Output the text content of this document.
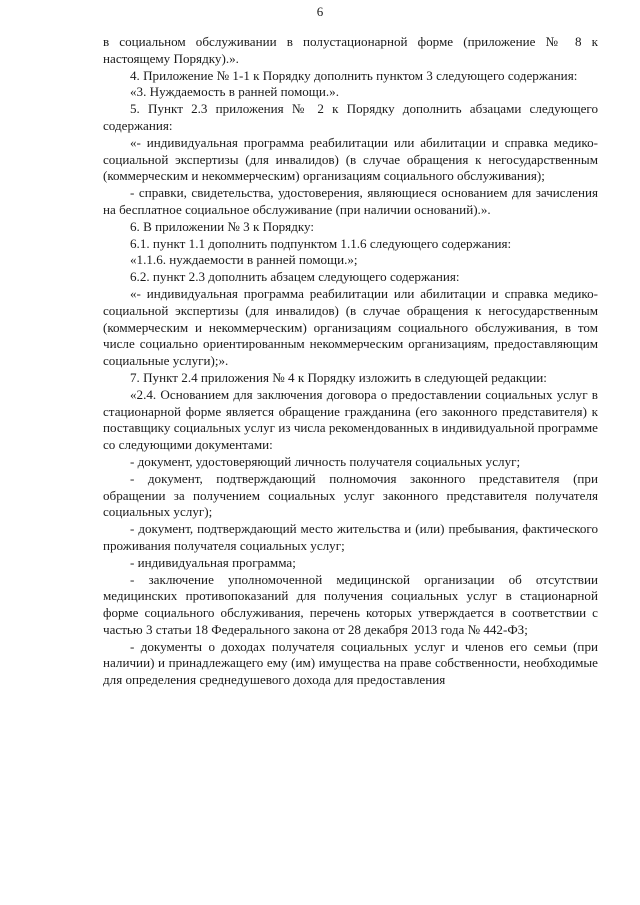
6

в социальном обслуживании в полустационарной форме (приложение № 8 к настоящему Порядку).».

4. Приложение № 1-1 к Порядку дополнить пунктом 3 следующего содержания:

«3. Нуждаемость в ранней помощи.».

5. Пункт 2.3 приложения № 2 к Порядку дополнить абзацами следующего содержания:

«- индивидуальная программа реабилитации или абилитации и справка медико-социальной экспертизы (для инвалидов) (в случае обращения к негосударственным (коммерческим и некоммерческим) организациям социального обслуживания);

- справки, свидетельства, удостоверения, являющиеся основанием для зачисления на бесплатное социальное обслуживание (при наличии оснований).».

6. В приложении № 3 к Порядку:

6.1. пункт 1.1 дополнить подпунктом 1.1.6 следующего содержания:

«1.1.6. нуждаемости в ранней помощи.»;

6.2. пункт 2.3 дополнить абзацем следующего содержания:

«- индивидуальная программа реабилитации или абилитации и справка медико-социальной экспертизы (для инвалидов) (в случае обращения к негосударственным (коммерческим и некоммерческим) организациям социального обслуживания, в том числе социально ориентированным некоммерческим организациям, предоставляющим социальные услуги);».

7. Пункт 2.4 приложения № 4 к Порядку изложить в следующей редакции:

«2.4. Основанием для заключения договора о предоставлении социальных услуг в стационарной форме является обращение гражданина (его законного представителя) к поставщику социальных услуг из числа рекомендованных в индивидуальной программе со следующими документами:

- документ, удостоверяющий личность получателя социальных услуг;

- документ, подтверждающий полномочия законного представителя (при обращении за получением социальных услуг законного представителя получателя социальных услуг);

- документ, подтверждающий место жительства и (или) пребывания, фактического проживания получателя социальных услуг;

- индивидуальная программа;

- заключение уполномоченной медицинской организации об отсутствии медицинских противопоказаний для получения социальных услуг в стационарной форме социального обслуживания, перечень которых утверждается в соответствии с частью 3 статьи 18 Федерального закона от 28 декабря 2013 года № 442-ФЗ;

- документы о доходах получателя социальных услуг и членов его семьи (при наличии) и принадлежащего ему (им) имущества на праве собственности, необходимые для определения среднедушевого дохода для предоставления
